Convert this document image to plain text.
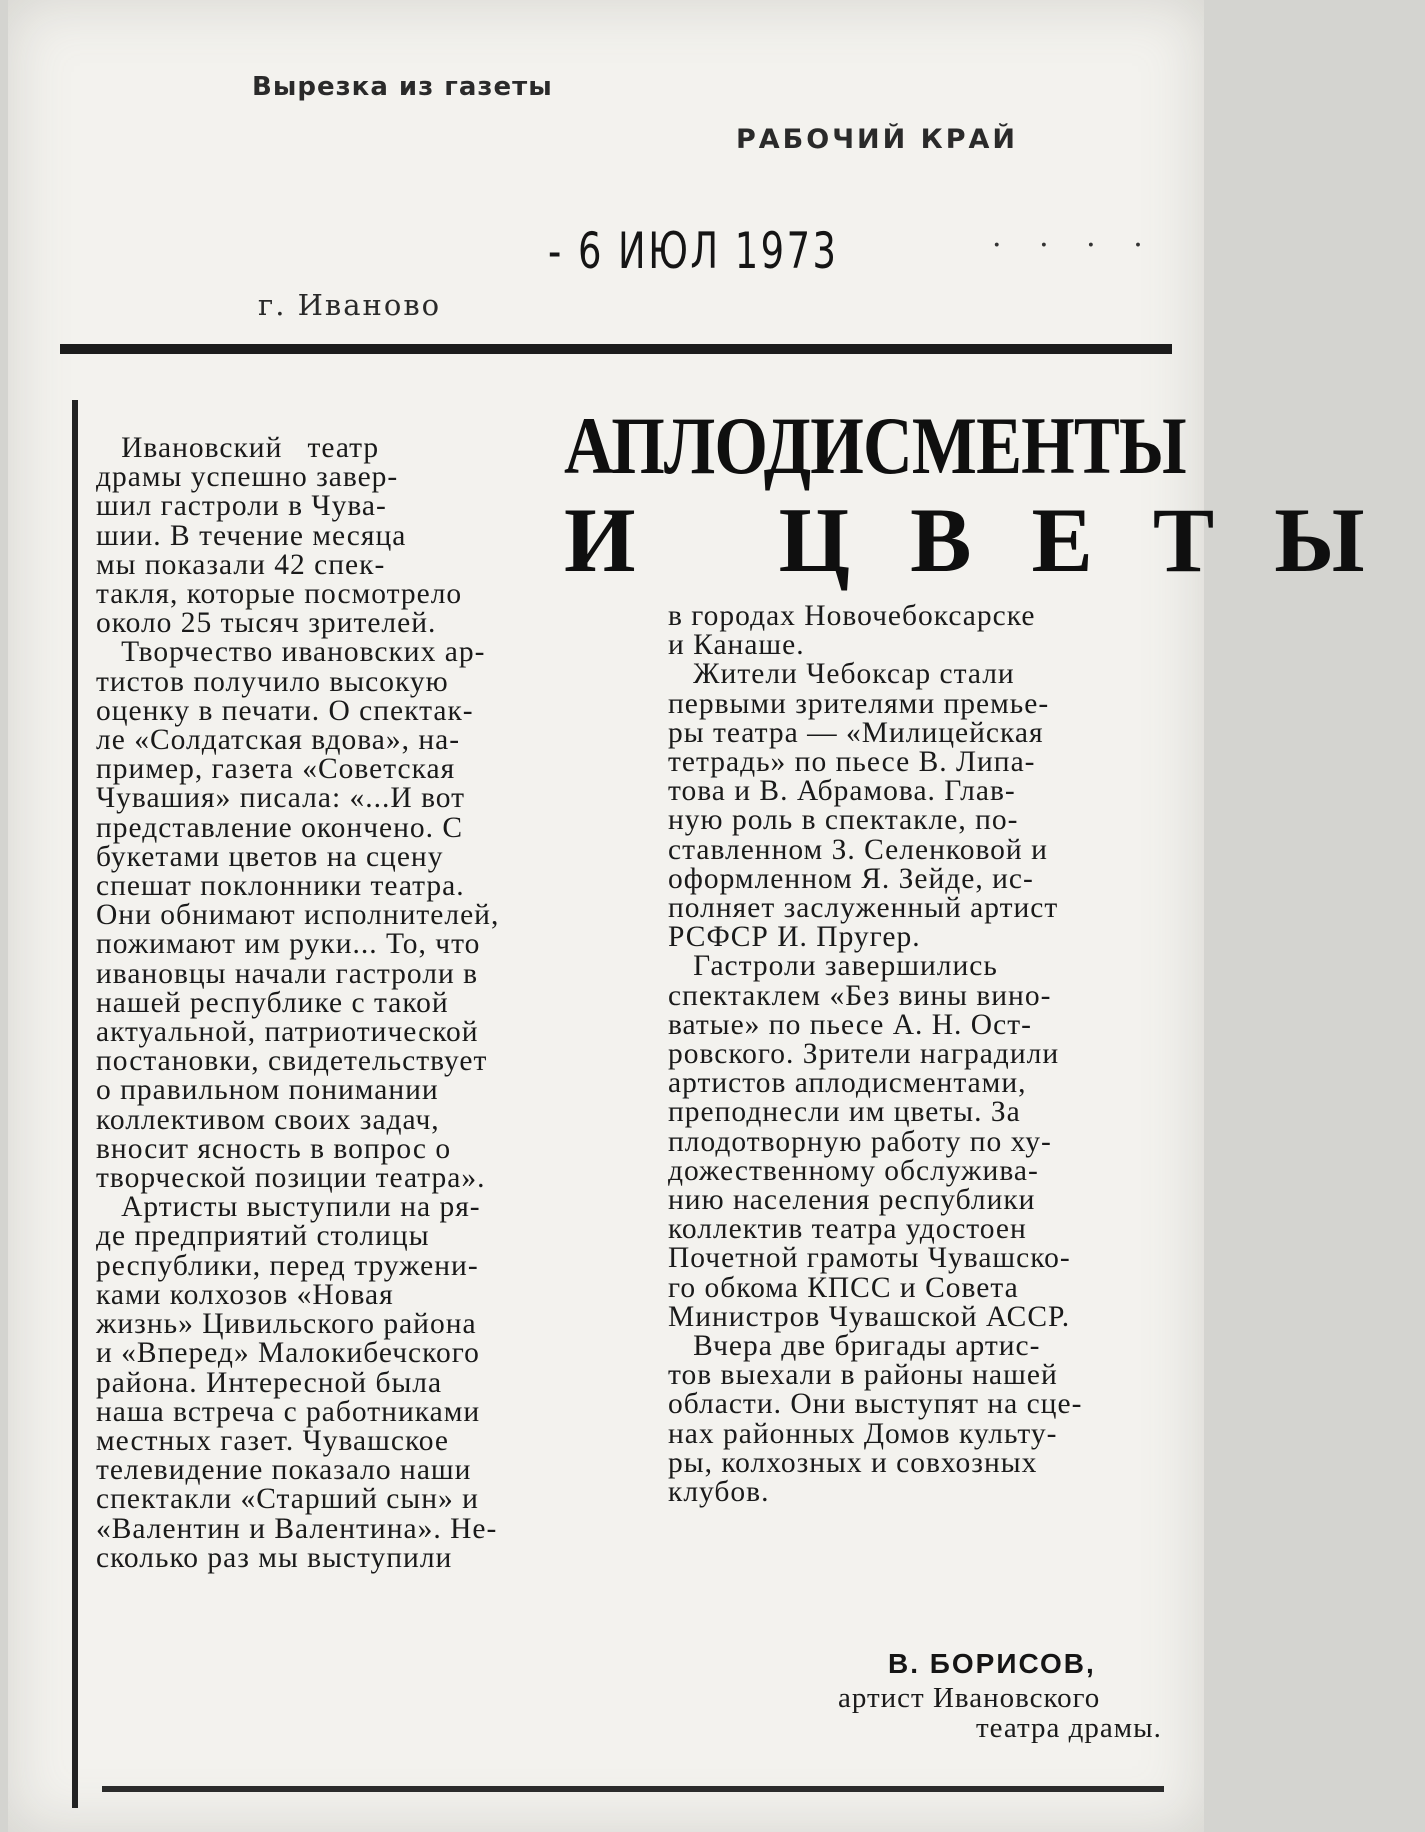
Вырезка из газеты
РАБОЧИЙ КРАЙ
- 6 ИЮЛ 1973	· · · ·
г. Иваново
АПЛОДИСМЕНТЫ
И ЦВЕТЫ
Ивановский   театр
драмы успешно завер-
шил гастроли в Чува-
шии. В течение месяца
мы показали 42 спек-
такля, которые посмотрело
около 25 тысяч зрителей.
Творчество ивановских ар-
тистов получило высокую
оценку в печати. О спектак-
ле «Солдатская вдова», на-
пример, газета «Советская
Чувашия» писала: «...И вот
представление окончено. С
букетами цветов на сцену
спешат поклонники театра.
Они обнимают исполнителей,
пожимают им руки... То, что
ивановцы начали гастроли в
нашей республике с такой
актуальной, патриотической
постановки, свидетельствует
о правильном понимании
коллективом своих задач,
вносит ясность в вопрос о
творческой позиции театра».
Артисты выступили на ря-
де предприятий столицы
республики, перед тружени-
ками колхозов «Новая
жизнь» Цивильского района
и «Вперед» Малокибечского
района. Интересной была
наша встреча с работниками
местных газет. Чувашское
телевидение показало наши
спектакли «Старший сын» и
«Валентин и Валентина». Не-
сколько раз мы выступили
в городах Новочебоксарске
и Канаше.
Жители Чебоксар стали
первыми зрителями премье-
ры театра — «Милицейская
тетрадь» по пьесе В. Липа-
това и В. Абрамова. Глав-
ную роль в спектакле, по-
ставленном З. Селенковой и
оформленном Я. Зейде, ис-
полняет заслуженный артист
РСФСР И. Пругер.
Гастроли завершились
спектаклем «Без вины вино-
ватые» по пьесе А. Н. Ост-
ровского. Зрители наградили
артистов аплодисментами,
преподнесли им цветы. За
плодотворную работу по ху-
дожественному обслужива-
нию населения республики
коллектив театра удостоен
Почетной грамоты Чувашско-
го обкома КПСС и Совета
Министров Чувашской АССР.
Вчера две бригады артис-
тов выехали в районы нашей
области. Они выступят на сце-
нах районных Домов культу-
ры, колхозных и совхозных
клубов.
В. БОРИСОВ,
артист Ивановского
театра драмы.
